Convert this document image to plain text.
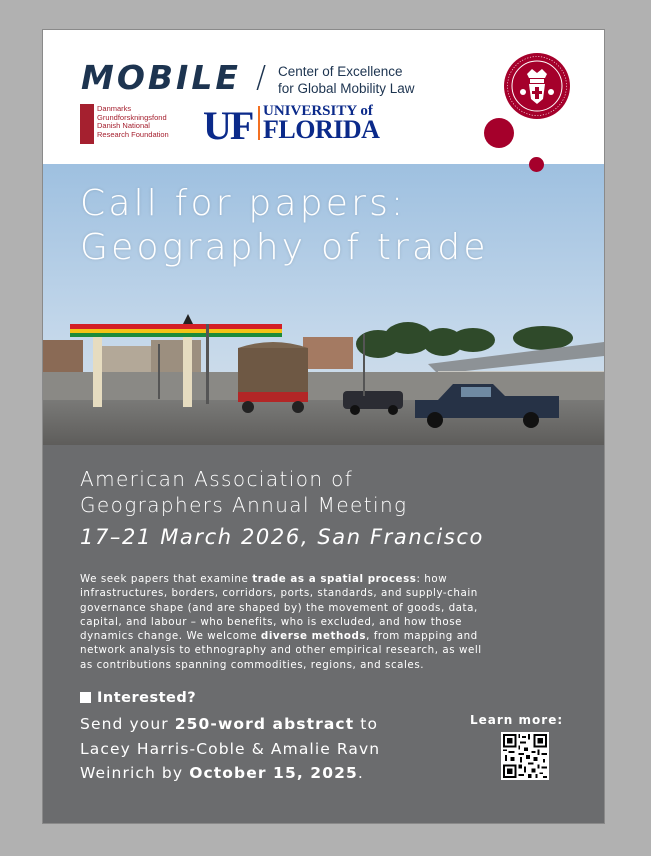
MOBILE / Center of Excellence
for Global Mobility Law
Danmarks
Grundforskningsfond
Danish National
Research Foundation UF UNIVERSITY of
FLORIDA
Call for papers:
Geography of trade
American Association of
Geographers Annual Meeting
17–21 March 2026, San Francisco
We seek papers that examine trade as a spatial process: how infrastructures, borders, corridors, ports, standards, and supply-chain governance shape (and are shaped by) the movement of goods, data, capital, and labour – who benefits, who is excluded, and how those dynamics change. We welcome diverse methods, from mapping and network analysis to ethnography and other empirical research, as well as contributions spanning commodities, regions, and scales.
Interested?
Send your 250-word abstract to
Lacey Harris-Coble & Amalie Ravn
Weinrich by October 15, 2025.
Learn more:
